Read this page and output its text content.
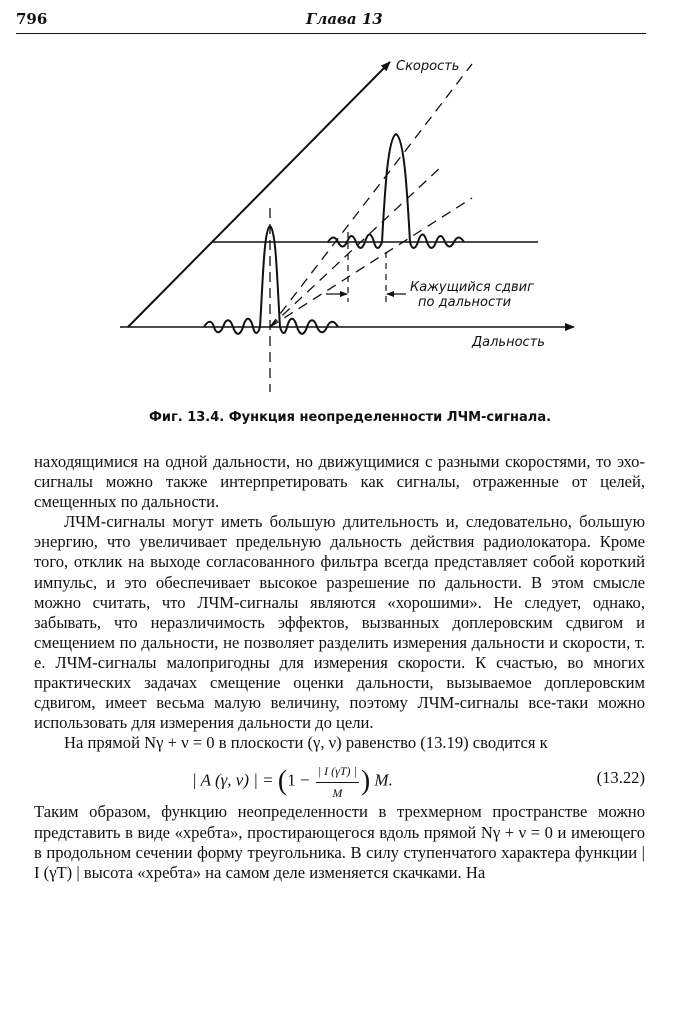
796	Глава 13
Скорость
Дальность
Кажущийся сдвиг
по дальности
Фиг. 13.4. Функция неопределенности ЛЧМ-сигнала.

находящимися на одной дальности, но движущимися с разными скоростями, то эхо-сигналы можно также интерпретировать как сигналы, отраженные от целей, смещенных по дальности.

ЛЧМ-сигналы могут иметь большую длительность и, следовательно, большую энергию, что увеличивает предельную дальность действия радиолокатора. Кроме того, отклик на выходе согласованного фильтра всегда представляет собой короткий импульс, и это обеспечивает высокое разрешение по дальности. В этом смысле можно считать, что ЛЧМ-сигналы являются «хорошими». Не следует, однако, забывать, что неразличимость эффектов, вызванных доплеровским сдвигом и смещением по дальности, не позволяет разделить измерения дальности и скорости, т. е. ЛЧМ-сигналы малопригодны для измерения скорости. К счастью, во многих практических задачах смещение оценки дальности, вызываемое доплеровским сдвигом, имеет весьма малую величину, поэтому ЛЧМ-сигналы все-таки можно использовать для измерения дальности до цели.

На прямой Nγ + ν = 0 в плоскости (γ, ν) равенство (13.19) сводится к

| A (γ, ν) | = ($1 - \frac{| I (\gamma T) |}{M}$ ) M.	(13.22)

Таким образом, функцию неопределенности в трехмерном пространстве можно представить в виде «хребта», простирающегося вдоль прямой Nγ + ν = 0 и имеющего в продольном сечении форму треугольника. В силу ступенчатого характера функции | I (γT) | высота «хребта» на самом деле изменяется скачками. На
